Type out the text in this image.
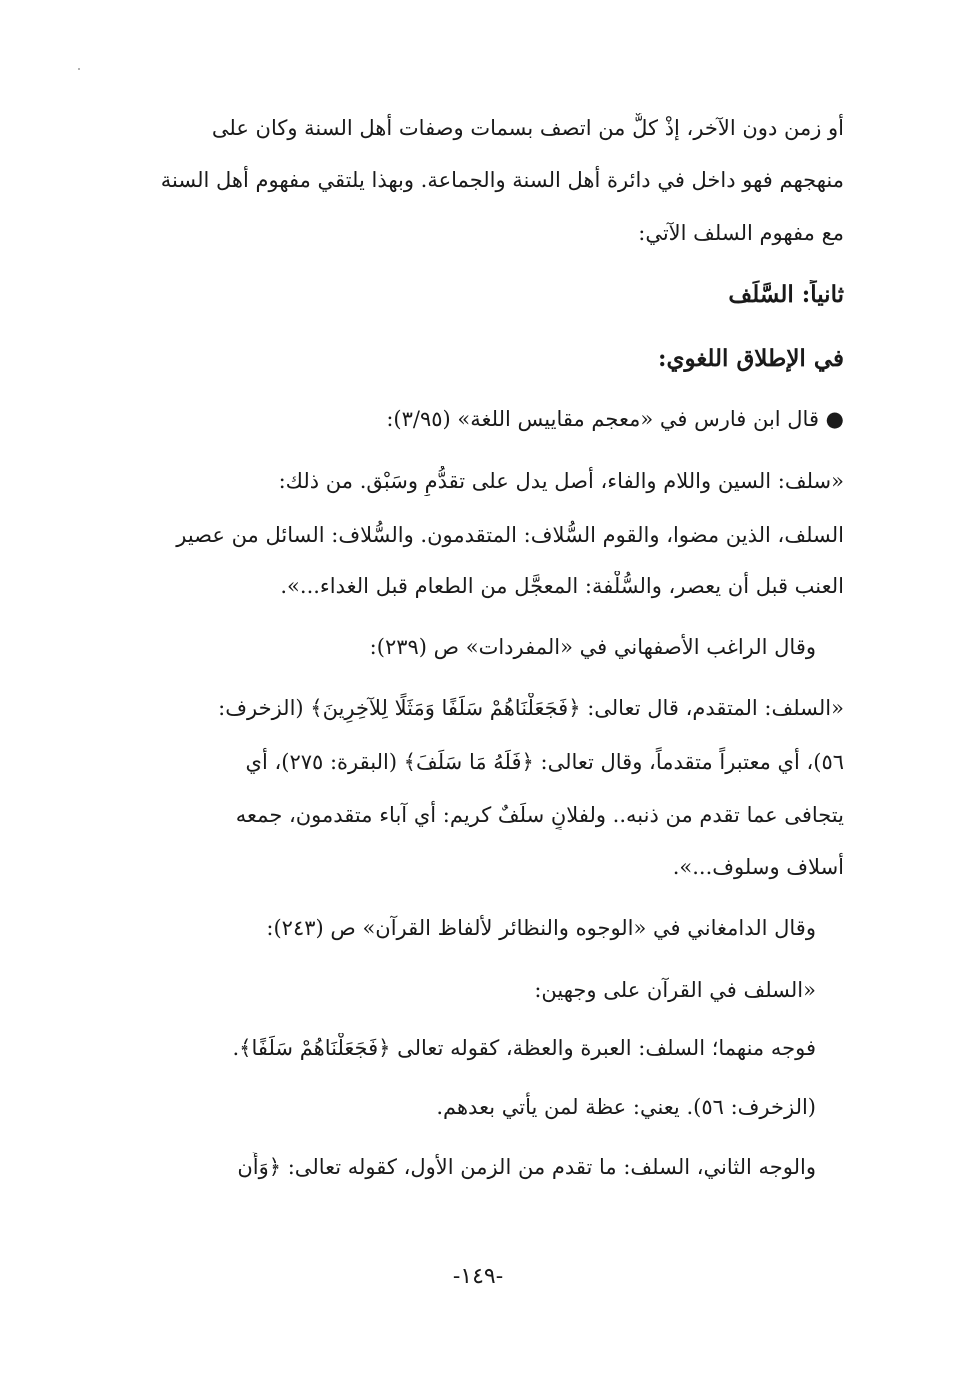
أو زمن دون الآخر، إذْ كلٌّ من اتصف بسمات وصفات أهل السنة وكان على
منهجهم فهو داخل في دائرة أهل السنة والجماعة. وبهذا يلتقي مفهوم أهل السنة
مع مفهوم السلف الآتي:
ثانياً: السَّلَف
في الإطلاق اللغوي:
● قال ابن فارس في «معجم مقاييس اللغة» (٣/٩٥):
«سلف: السين واللام والفاء، أصل يدل على تقدُّمٍ وسَبْق. من ذلك:
السلف، الذين مضوا، والقوم السُّلاف: المتقدمون. والسُّلاف: السائل من عصير
العنب قبل أن يعصر، والسُّلْفة: المعجَّل من الطعام قبل الغداء...».
وقال الراغب الأصفهاني في «المفردات» ص (٢٣٩):
«السلف: المتقدم، قال تعالى: ﴿فَجَعَلْنَاهُمْ سَلَفًا وَمَثَلًا لِلآخِرِينَ﴾ (الزخرف:
٥٦)، أي معتبراً متقدماً، وقال تعالى: ﴿فَلَهُ مَا سَلَفَ﴾ (البقرة: ٢٧٥)، أي
يتجافى عما تقدم من ذنبه.. ولفلانٍ سلَفٌ كريم: أي آباء متقدمون، جمعه
أسلاف وسلوف...».
وقال الدامغاني في «الوجوه والنظائر لألفاظ القرآن» ص (٢٤٣):
«السلف في القرآن على وجهين:
فوجه منهما؛ السلف: العبرة والعظة، كقوله تعالى ﴿فَجَعَلْنَاهُمْ سَلَفًا﴾.
(الزخرف: ٥٦). يعني: عظة لمن يأتي بعدهم.
والوجه الثاني، السلف: ما تقدم من الزمن الأول، كقوله تعالى: ﴿وَأَن
-١٤٩-
